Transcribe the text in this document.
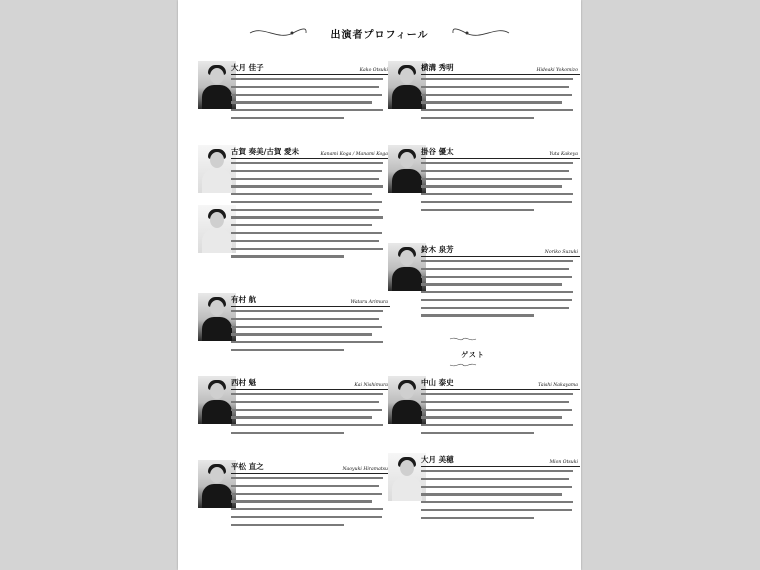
出演者プロフィール
大月 佳子	Kako Otsuki
古賀 奏美/古賀 愛未	Kanami Koga / Manami Koga
有村 航	Wataru Arimura
西村 魁	Kai Nishimura
平松 直之	Naoyuki Hiramatsu
横溝 秀明	Hideaki Yokomizo
掛谷 優太	Yuta Kakeya
鈴木 泉芳	Noriko Suzuki
ゲスト
中山 泰史	Taishi Nakayama
大月 美穂	Mion Otsuki
